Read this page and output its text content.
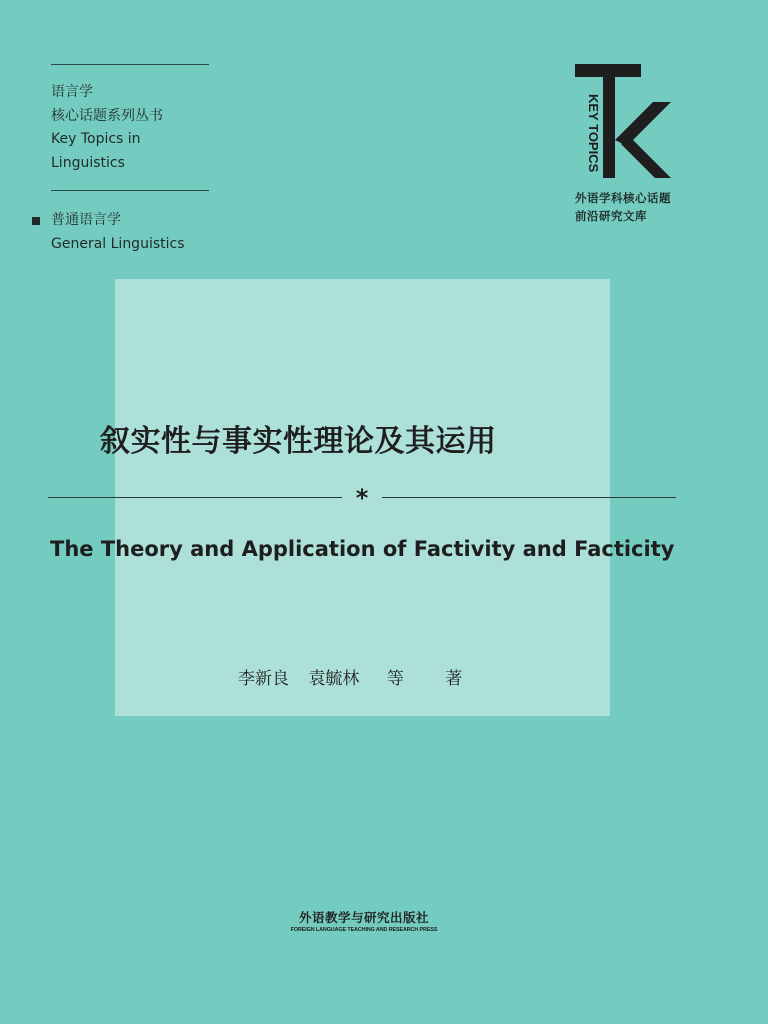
语言学
核心话题系列丛书
Key Topics in
Linguistics
普通语言学
General Linguistics
KEY TOPICS
外语学科核心话题
前沿研究文库
叙实性与事实性理论及其运用
*
The Theory and Application of Factivity and Facticity
李新良 袁毓林 等 著
外语教学与研究出版社
FOREIGN LANGUAGE TEACHING AND RESEARCH PRESS
